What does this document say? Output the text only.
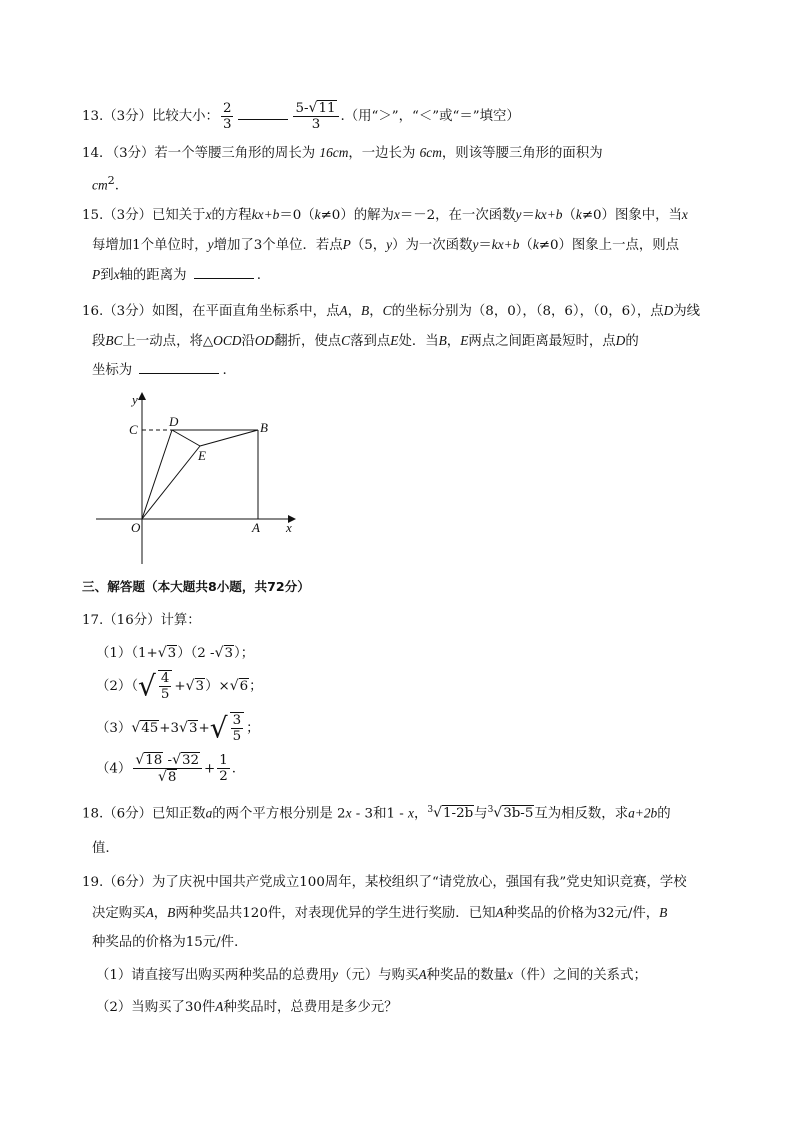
13.（3分）比较大小： $\frac{2}{3}$	$\frac{5-√11}{3}$ .（用“＞”，“＜”或“＝”填空）
14．（3分）若一个等腰三角形的周长为 16cm，一边长为 6cm，则该等腰三角形的面积为
$cm^2$.
15.（3分）已知关于x的方程kx+b＝0（k≠0）的解为x＝－2，在一次函数y＝kx+b（k≠0）图象中，当x
每增加1个单位时，y增加了3个单位．若点P（5，y）为一次函数y＝kx+b（k≠0）图象上一点，则点
P到x轴的距离为	.
16.（3分）如图，在平面直角坐标系中，点A，B，C的坐标分别为（8，0），（8，6），（0，6），点D为线
段BC上一动点，将△OCD沿OD翻折，使点C落到点E处．当B，E两点之间距离最短时，点D的
坐标为	.
y
x
C
D	B
E
O	A
三、解答题（本大题共8小题，共72分）
17.（16分）计算：
（1）（1+√3）（2 -√3）；
$(2)(√ \frac{4}{5} +√3)\times√6$；
$(3)√45+3√3+√ \frac{3}{5}$ ；
$(4) \frac{√18 -√32}{√8} + \frac{1}{2}$ .
18.（6分）已知正数a的两个平方根分别是 2x - 3和1 - x，$^3$√1-2b与$^3$√3b-5互为相反数，求a+2b的
值.
19.（6分）为了庆祝中国共产党成立100周年，某校组织了“请党放心，强国有我”党史知识竞赛，学校
决定购买A，B两种奖品共120件，对表现优异的学生进行奖励．已知A种奖品的价格为32元/件，B
种奖品的价格为15元/件．
（1）请直接写出购买两种奖品的总费用y（元）与购买A种奖品的数量x（件）之间的关系式；
（2）当购买了30件A种奖品时，总费用是多少元？
